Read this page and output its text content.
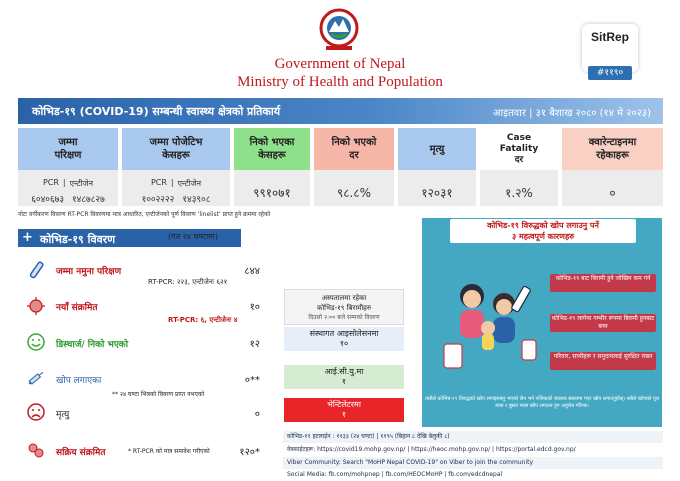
Government of Nepal
Ministry of Health and Population
SitRep
#११९०
कोभिड-१९ (COVID-19) सम्बन्धी स्वास्थ्य क्षेत्रको प्रतिकार्य	आइतवार | ३१ बैशाख २०८० (१४ मे २०२३)
जम्मा
परिक्षण
PCR | एन्टीजेन
६०४०६७३ १४८७८२७
जम्मा पोजेटिभ
केसहरू
PCR | एन्टीजेन
१००२२२२ १४३९०८
निको भएका
केसहरू
९९१०७१
निको भएको
दर
९८.८%
मृत्यु
१२०३१
Case
Fatality
दर
१.२%
क्वारेन्टाइनमा
रहेकाहरू
०
नोटः वर्गीकरण विवरण RT-PCR विवरणमा मात्र आधारित, एन्टीजेनको पूर्ण विवरण 'linelist' प्राप्त हुने क्रममा रहेको
+ कोभिड-१९ विवरण	(गत २४ घण्टामा)
जम्मा नमुना परिक्षण	८४४
RT-PCR: २२३, एन्टीजेनः ६२१
नयाँ संक्रमित	१०
RT-PCR: ६, एन्टीजेनः ४
डिस्चार्ज/ निको भएको	१२
खोप लगाएका	०**
** २४ घण्टा भित्रको विवरण प्राप्त नभएको
मृत्यु	०
सक्रिय संक्रमित	* RT-PCR को मात्र समावेश गरीएको	१२०*
अस्पतालमा रहेका
कोभिड-१९ बिरामीहरु
दिउसो २:०० बजे सम्मको विवरण
संस्थागत आइसोलेसनमा
१०
आई.सी.यु.मा
१
भेन्टिलेटरमा
१
कोभिड-१९ विरुद्धको खोप लगाउनु पर्ने
३ महत्वपूर्ण कारणहरु
कोभिड-१९ बाट बिरामी हुने जोखिम कम गर्न
कोभिड-१९ लागेमा गम्भीर रूपमा बिरामी हुनबाट बच्न
परिवार, साथीहरू र समुदायलाई सुरक्षित राख्न
त्यसैले कोभिड-१९ विरुद्धको खोप लगाइसक्नु भएको छैन भने नजिकको स्वास्थ्य संस्थामा गएर खोप लगाउनुहोस्। सबैले खोपको पूरा मात्रा र बुस्टर मात्रा खोप लगाउन हुन अनुरोध गरिन्छ।
कोभिड-१९ हटलाईन : ११३३ (२४ घण्टा) | ११९५ (बिहान ८ देखि बेलुकी ८)
वेबसाईटहरू: https://covid19.mohp.gov.np/ | https://heoc.mohp.gov.np/ | https://portal.edcd.gov.np/
Viber Community: Search "MoHP Nepal COVID-19" on Viber to join the community
Social Media: fb.com/mohpnep | fb.com/HEOCMoHP | fb.com/edcdnepal
